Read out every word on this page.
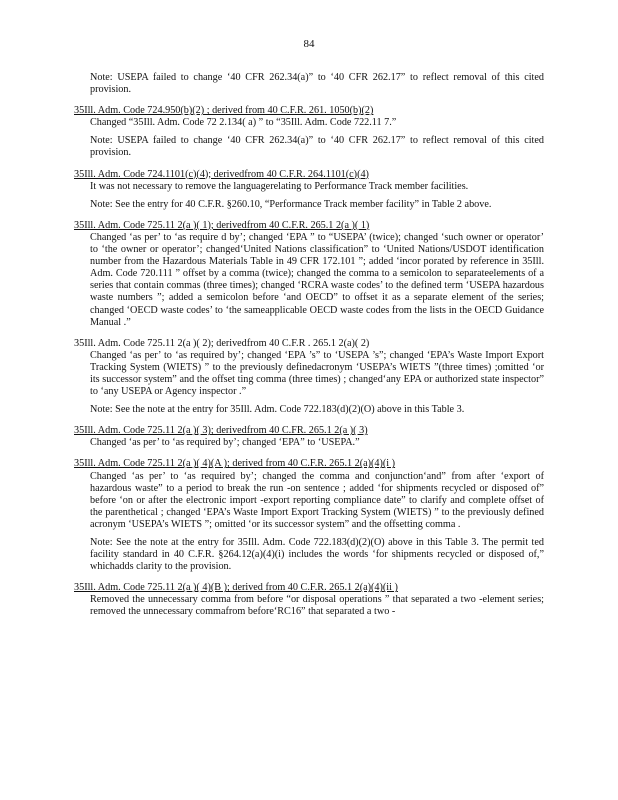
84

Note: USEPA failed to change ‘40 CFR 262.34(a)” to ‘40 CFR 262.17” to reflect removal of this cited provision.

35Ill. Adm. Code 724.950(b)(2) ; derived from 40 C.F.R. 261. 1050(b)(2)

Changed “35Ill. Adm. Code 72 2.134( a) ” to “35Ill. Adm. Code 722.11 7.”

Note: USEPA failed to change ‘40 CFR 262.34(a)” to ‘40 CFR 262.17” to reflect removal of this cited provision.

35Ill. Adm. Code 724.1101(c)(4); derivedfrom 40 C.F.R. 264.1101(c)(4)

It was not necessary to remove the languagerelating to Performance Track member facilities.

Note: See the entry for 40 C.F.R. §260.10, “Performance Track member facility” in Table 2 above.

35Ill. Adm. Code 725.11 2(a )( 1); derivedfrom 40 C.F.R. 265.1 2(a )( 1)

Changed ‘as per’ to ‘as require d by’; changed ‘EPA ” to “USEPA’ (twice); changed ‘such owner or operator’ to ‘the owner or operator’; changed‘United Nations classification” to ‘United Nations/USDOT identification number from the Hazardous Materials Table in 49 CFR 172.101 ”; added ‘incor porated by reference in 35Ill. Adm. Code 720.111 ” offset by a comma (twice); changed the comma to a semicolon to separateelements of a series that contain commas (three times); changed ‘RCRA waste codes’ to the defined term ‘USEPA hazardous waste numbers ”; added a semicolon before ‘and OECD” to offset it as a separate element of the series; changed ‘OECD waste codes’ to ‘the sameapplicable OECD waste codes from the lists in the OECD Guidance Manual .”

35Ill. Adm. Code 725.11 2(a )( 2); derivedfrom 40 C.F.R . 265.1 2(a)( 2)

Changed ‘as per’ to ‘as required by’; changed ‘EPA ’s” to ‘USEPA ’s”; changed ‘EPA’s Waste Import Export Tracking System (WIETS) ” to the previously definedacronym ‘USEPA’s WIETS ”(three times) ;omitted ‘or its successor system” and the offset ting comma (three times) ; changed‘any EPA or authorized state inspector” to ‘any USEPA or Agency inspector .”

Note: See the note at the entry for 35Ill. Adm. Code 722.183(d)(2)(O) above in this Table 3.

35Ill. Adm. Code 725.11 2(a )( 3); derivedfrom 40 C.FR. 265.1 2(a )( 3)

Changed ‘as per’ to ‘as required by’; changed ‘EPA” to ‘USEPA.”

35Ill. Adm. Code 725.11 2(a )( 4)(A ); derived from 40 C.F.R. 265.1 2(a)(4)(i )

Changed ‘as per’ to ‘as required by’; changed the comma and conjunction‘and” from after ‘export of hazardous waste” to a period to break the run -on sentence ; added ‘for shipments recycled or disposed of” before ‘on or after the electronic import -export reporting compliance date” to clarify and complete offset of the parenthetical ; changed ‘EPA’s Waste Import Export Tracking System (WIETS) ” to the previously defined acronym ‘USEPA’s WIETS ”; omitted ‘or its successor system” and the offsetting comma .

Note: See the note at the entry for 35Ill. Adm. Code 722.183(d)(2)(O) above in this Table 3. The permit ted facility standard in 40 C.F.R. §264.12(a)(4)(i) includes the words ‘for shipments recycled or disposed of,” whichadds clarity to the provision.

35Ill. Adm. Code 725.11 2(a )( 4)(B ); derived from 40 C.F.R. 265.1 2(a)(4)(ii )

Removed the unnecessary comma from before “or disposal operations ” that separated a two -element series; removed the unnecessary commafrom before‘RC16” that separated a two -
